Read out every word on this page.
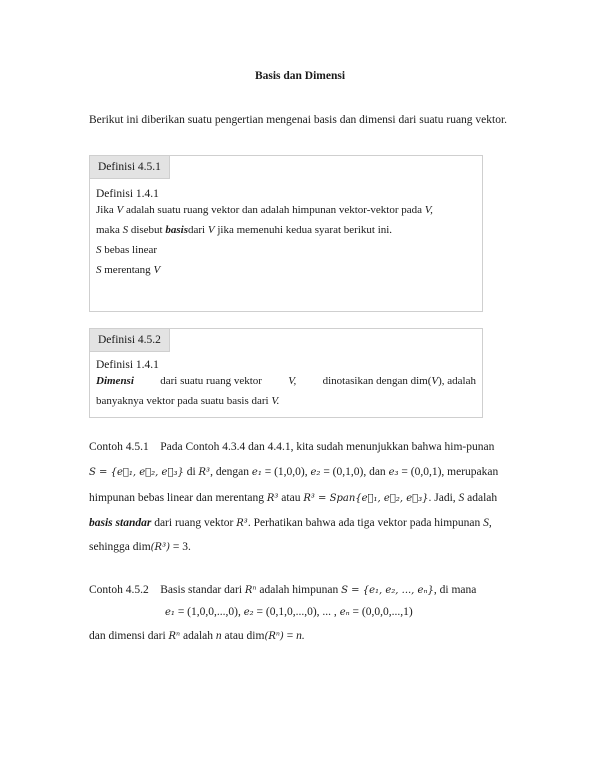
Basis dan Dimensi
Berikut ini diberikan suatu pengertian mengenai basis dan dimensi dari suatu ruang vektor.
Definisi 4.5.1
Definisi 1.4.1
Jika V adalah suatu ruang vektor dan adalah himpunan vektor-vektor pada V,
maka S disebut basisdari V jika memenuhi kedua syarat berikut ini.
S bebas linear
S merentang V
Definisi 4.5.2
Definisi 1.4.1
Dimensi dari suatu ruang vektor V, dinotasikan dengan dim(V), adalah
banyaknya vektor pada suatu basis dari V.
Contoh 4.5.1 Pada Contoh 4.3.4 dan 4.4.1, kita sudah menunjukkan bahwa him-punan
S = {e⃗₁, e⃗₂, e⃗₃} di R³, dengan e₁ = (1,0,0), e₂ = (0,1,0), dan e₃ = (0,0,1), merupakan
himpunan bebas linear dan merentang R³ atau R³ = Span{e⃗₁, e⃗₂, e⃗₃}. Jadi, S adalah
basis standar dari ruang vektor R³. Perhatikan bahwa ada tiga vektor pada himpunan S,
sehingga dim(R³) = 3.
Contoh 4.5.2 Basis standar dari Rⁿ adalah himpunan S = {e₁, e₂, ..., eₙ}, di mana
e₁ = (1,0,0,...,0), e₂ = (0,1,0,...,0), ... , eₙ = (0,0,0,...,1)
dan dimensi dari Rⁿ adalah n atau dim(Rⁿ) = n.
